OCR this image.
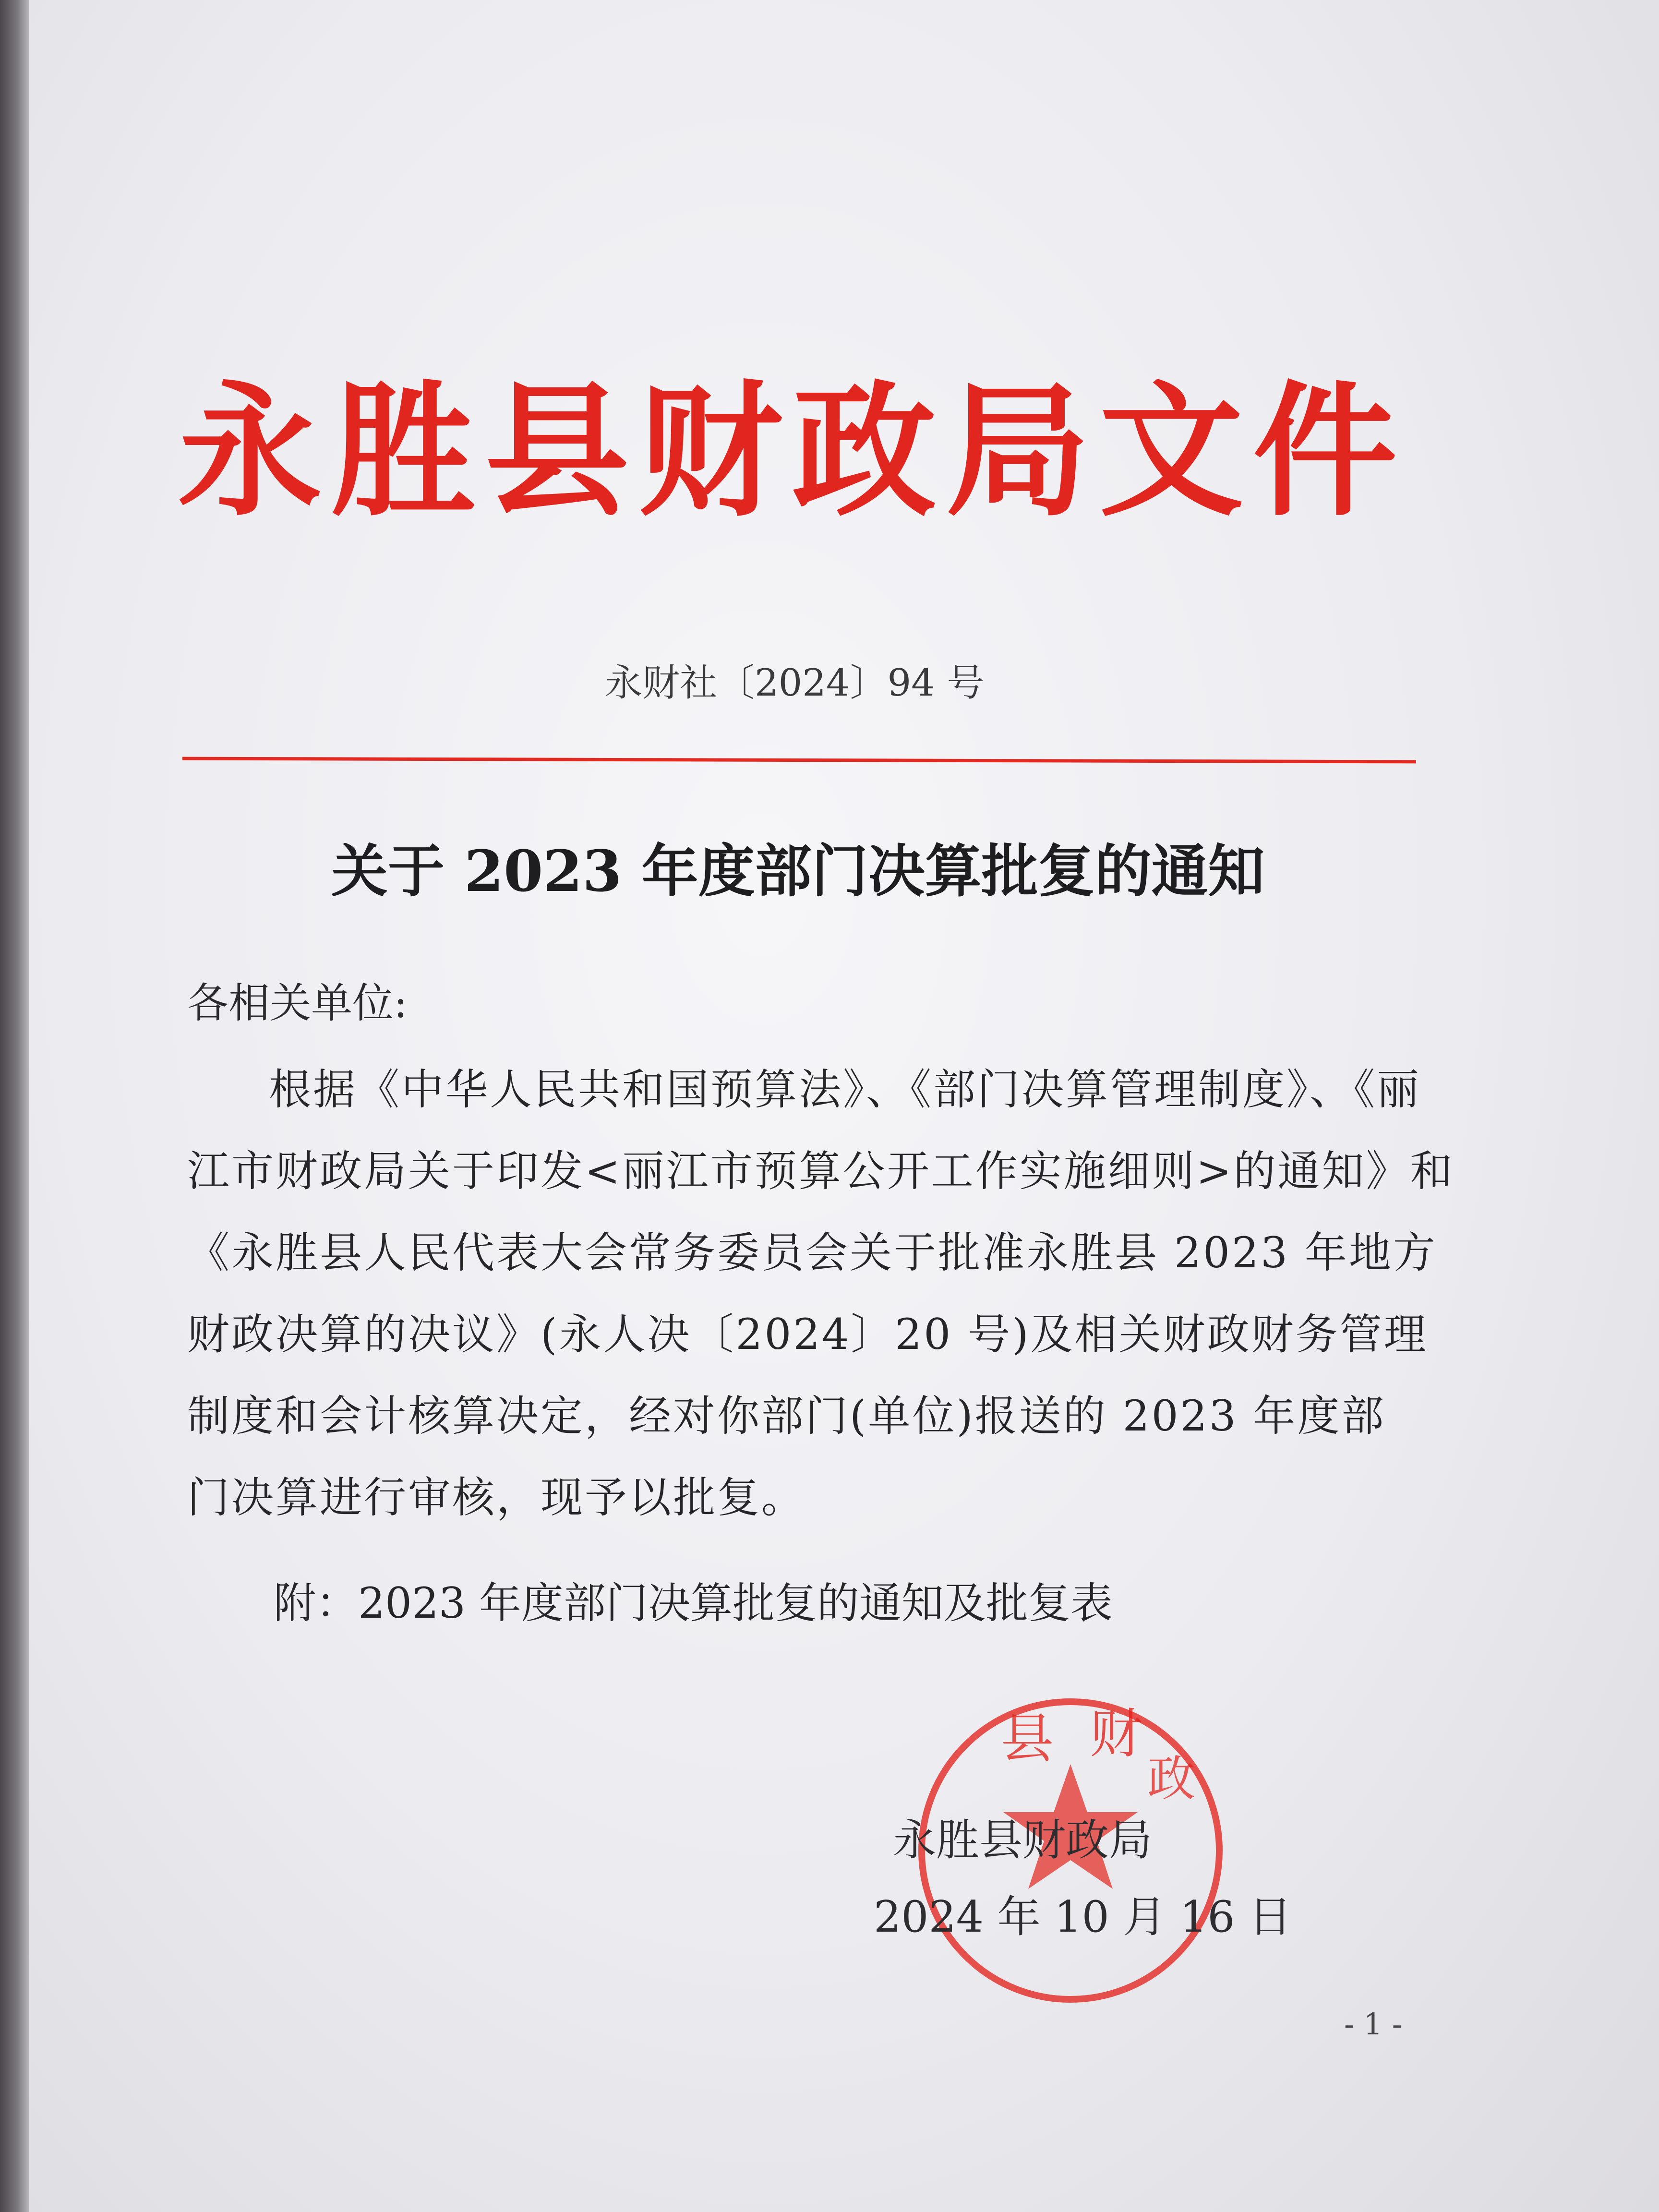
永胜县财政局文件
永财社〔2024〕94 号
关于 2023 年度部门决算批复的通知
各相关单位:
根据《中华人民共和国预算法》、《部门决算管理制度》、《丽
江市财政局关于印发<丽江市预算公开工作实施细则>的通知》和
《永胜县人民代表大会常务委员会关于批准永胜县 2023 年地方
财政决算的决议》(永人决〔2024〕20 号)及相关财政财务管理
制度和会计核算决定，经对你部门(单位)报送的 2023 年度部
门决算进行审核，现予以批复。
附：2023 年度部门决算批复的通知及批复表
县 财
政
永胜县财政局
2024 年 10 月 16 日
- 1 -
